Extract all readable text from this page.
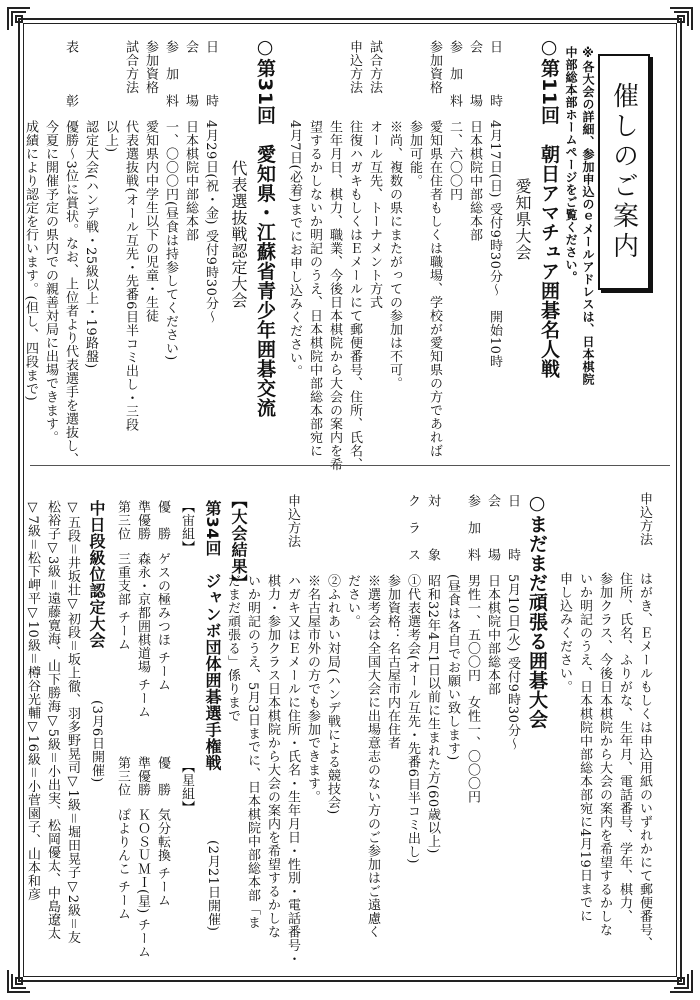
催しのご案内
※各大会の詳細、参加申込のｅメールアドレスは、日本棋院
中部総本部ホームページをご覧ください。
○第11回　朝日アマチュア囲碁名人戦
愛知県大会
日　　　時4月17日(日) 受付9時30分～　開始10時
会　　　場日本棋院中部総本部
参　加　料二、六〇〇円
参加資格愛知県在住者もしくは職場、学校が愛知県の方であれば
参加可能。
※尚、複数の県にまたがっての参加は不可。
試合方法オール互先、トーナメント方式
申込方法往復ハガキもしくはＥメールにて郵便番号、住所、氏名、
生年月日、棋力、職業、今後日本棋院から大会の案内を希
望するかしないか明記のうえ、日本棋院中部総本部宛に
4月7日(必着)までにお申し込みください。
○第31回　愛知県・江蘇省青少年囲碁交流
代表選抜戦認定大会
日　　　時4月29日(祝・金) 受付9時30分～
会　　　場日本棋院中部総本部
参　加　料一、〇〇〇円(昼食は持参してください)
参加資格愛知県内中学生以下の児童・生徒
試合方法代表選抜戦(オール互先・先番6目半コミ出し・三段
以上)
認定大会(ハンデ戦・25級以上・19路盤)
表　　　彰優勝～3位に賞状。なお、上位者より代表選手を選抜し、
今夏に開催予定の県内での親善対局に出場できます。
成績により認定を行います。(但し、四段まで)
申込方法はがき、Ｅメールもしくは申込用紙のいずれかにて郵便番号、
住所、氏名、ふりがな、生年月、電話番号、学年、棋力、
参加クラス、今後日本棋院から大会の案内を希望するかしな
いか明記のうえ、日本棋院中部総本部宛に4月19日までに
申し込みください。
○まだまだ頑張る囲碁大会
日　　　時5月10日(火) 受付9時30分～
会　　　場日本棋院中部総本部
参　加　料男性一、五〇〇円　女性一、〇〇〇円
(昼食は各自でお願い致します)
対　　　象昭和32年4月1日以前に生まれた方(60歳以上)
ク　ラ　ス①代表選考会(オール互先・先番6目半コミ出し)
参加資格：名古屋市内在住者
※選考会は全国大会に出場意志のない方のご参加はご遠慮く
ださい。
②ふれあい対局(ハンデ戦による競技会)
※名古屋市外の方でも参加できます。
申込方法ハガキ又はＥメールに住所・氏名・生年月日・性別・電話番号・
棋力・参加クラス日本棋院から大会の案内を希望するかしな
いか明記のうえ、5月3日までに、日本棋院中部総本部「ま
だまだ頑張る」係りまで
【大会結果】
第34回　ジャンボ団体囲碁選手権戦
(2月21日開催)
【宙組】
優　勝ゲスの極みつほ チーム
準優勝森永・京都囲棋道場 チーム
第三位三重支部 チーム
【星組】
優　勝気分転換 チーム
準優勝ＫＯＳＵＭＩ(星) チーム
第三位ぽよりんこ チーム
中日段級位認定大会
(3月6日開催)
▽五段＝井坂壮▽初段＝坂上徹、羽多野晃司▽1級＝堀田晃子▽2級＝友
松裕子▽3級＝遠藤寛海、山下勝海▽5級＝小出実、松岡優太、中島遼太
▽7級＝松下岬平▽10級＝樽谷光輔▽16級＝小菅園子、山本和彦
